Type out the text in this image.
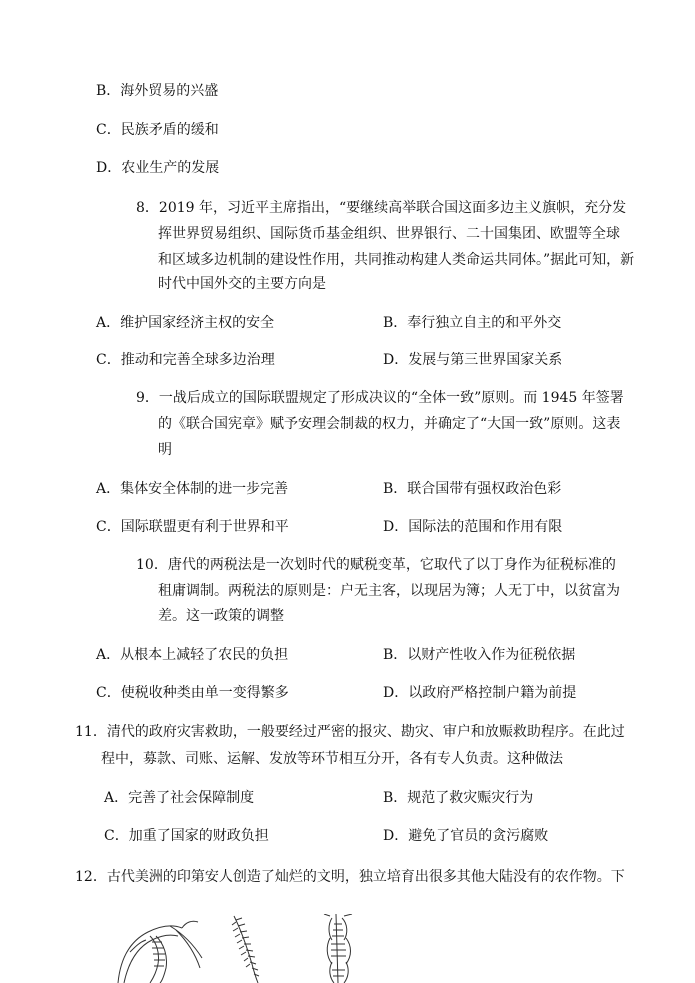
B．海外贸易的兴盛
C．民族矛盾的缓和
D．农业生产的发展
8．2019 年，习近平主席指出，“要继续高举联合国这面多边主义旗帜，充分发
挥世界贸易组织、国际货币基金组织、世界银行、二十国集团、欧盟等全球
和区域多边机制的建设性作用，共同推动构建人类命运共同体。”据此可知，新
时代中国外交的主要方向是
A．维护国家经济主权的安全	B．奉行独立自主的和平外交
C．推动和完善全球多边治理	D．发展与第三世界国家关系
9．一战后成立的国际联盟规定了形成决议的“全体一致”原则。而 1945 年签署
的《联合国宪章》赋予安理会制裁的权力，并确定了“大国一致”原则。这表
明
A．集体安全体制的进一步完善	B．联合国带有强权政治色彩
C．国际联盟更有利于世界和平	D．国际法的范围和作用有限
10．唐代的两税法是一次划时代的赋税变革，它取代了以丁身作为征税标准的
租庸调制。两税法的原则是：户无主客，以现居为簿；人无丁中，以贫富为
差。这一政策的调整
A．从根本上减轻了农民的负担	B．以财产性收入作为征税依据
C．使税收种类由单一变得繁多	D．以政府严格控制户籍为前提
11．清代的政府灾害救助，一般要经过严密的报灾、勘灾、审户和放赈救助程序。在此过
程中，募款、司账、运解、发放等环节相互分开，各有专人负责。这种做法
A．完善了社会保障制度	B．规范了救灾赈灾行为
C．加重了国家的财政负担	D．避免了官员的贪污腐败
12．古代美洲的印第安人创造了灿烂的文明，独立培育出很多其他大陆没有的农作物。下
